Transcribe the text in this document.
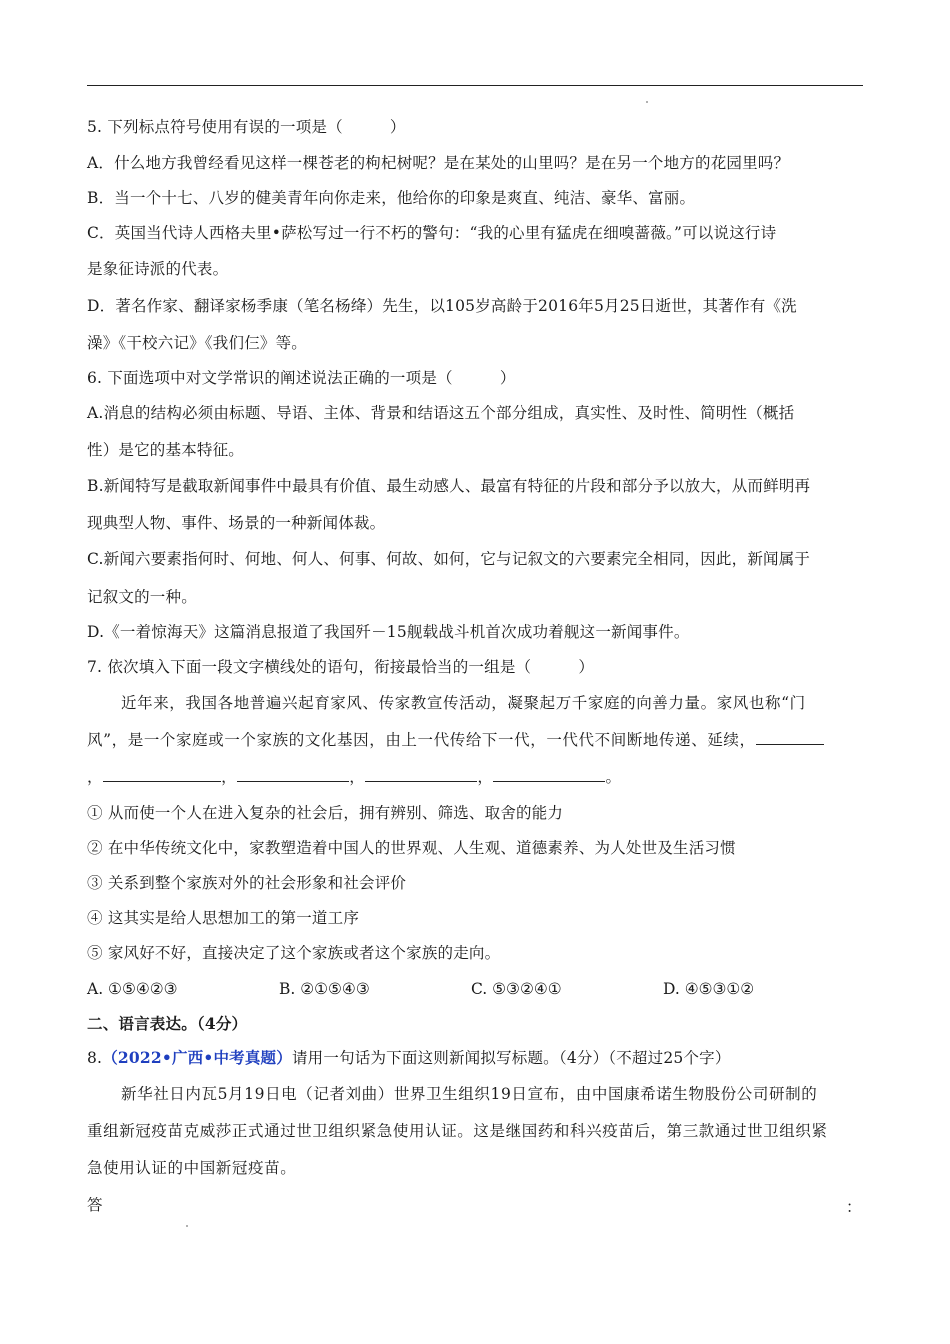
5. 下列标点符号使用有误的一项是（　　　）
A．什么地方我曾经看见这样一棵苍老的枸杞树呢？是在某处的山里吗？是在另一个地方的花园里吗？
B．当一个十七、八岁的健美青年向你走来，他给你的印象是爽直、纯洁、豪华、富丽。
C．英国当代诗人西格夫里•萨松写过一行不朽的警句：“我的心里有猛虎在细嗅蔷薇。”可以说这行诗
是象征诗派的代表。
D．著名作家、翻译家杨季康（笔名杨绛）先生，以105岁高龄于2016年5月25日逝世，其著作有《洗
澡》《干校六记》《我们仨》等。
6. 下面选项中对文学常识的阐述说法正确的一项是（　　　）
A.消息的结构必须由标题、导语、主体、背景和结语这五个部分组成，真实性、及时性、简明性（概括
性）是它的基本特征。
B.新闻特写是截取新闻事件中最具有价值、最生动感人、最富有特征的片段和部分予以放大，从而鲜明再
现典型人物、事件、场景的一种新闻体裁。
C.新闻六要素指何时、何地、何人、何事、何故、如何，它与记叙文的六要素完全相同，因此，新闻属于
记叙文的一种。
D.《一着惊海天》这篇消息报道了我国歼－15舰载战斗机首次成功着舰这一新闻事件。
7. 依次填入下面一段文字横线处的语句，衔接最恰当的一组是（　　　）
近年来，我国各地普遍兴起育家风、传家教宣传活动，凝聚起万千家庭的向善力量。家风也称“门
风”，是一个家庭或一个家族的文化基因，由上一代传给下一代，一代代不间断地传递、延续，
，	，	，	，	。
① 从而使一个人在进入复杂的社会后，拥有辨别、筛选、取舍的能力
② 在中华传统文化中，家教塑造着中国人的世界观、人生观、道德素养、为人处世及生活习惯
③ 关系到整个家族对外的社会形象和社会评价
④ 这其实是给人思想加工的第一道工序
⑤ 家风好不好，直接决定了这个家族或者这个家族的走向。
A. ①⑤④②③	B. ②①⑤④③	C. ⑤③②④①	D. ④⑤③①②
二、语言表达。（4分）
8.（2022•广西•中考真题）请用一句话为下面这则新闻拟写标题。（4分）（不超过25个字）
新华社日内瓦5月19日电（记者刘曲）世界卫生组织19日宣布，由中国康希诺生物股份公司研制的
重组新冠疫苗克威莎正式通过世卫组织紧急使用认证。这是继国药和科兴疫苗后，第三款通过世卫组织紧
急使用认证的中国新冠疫苗。
答	：
